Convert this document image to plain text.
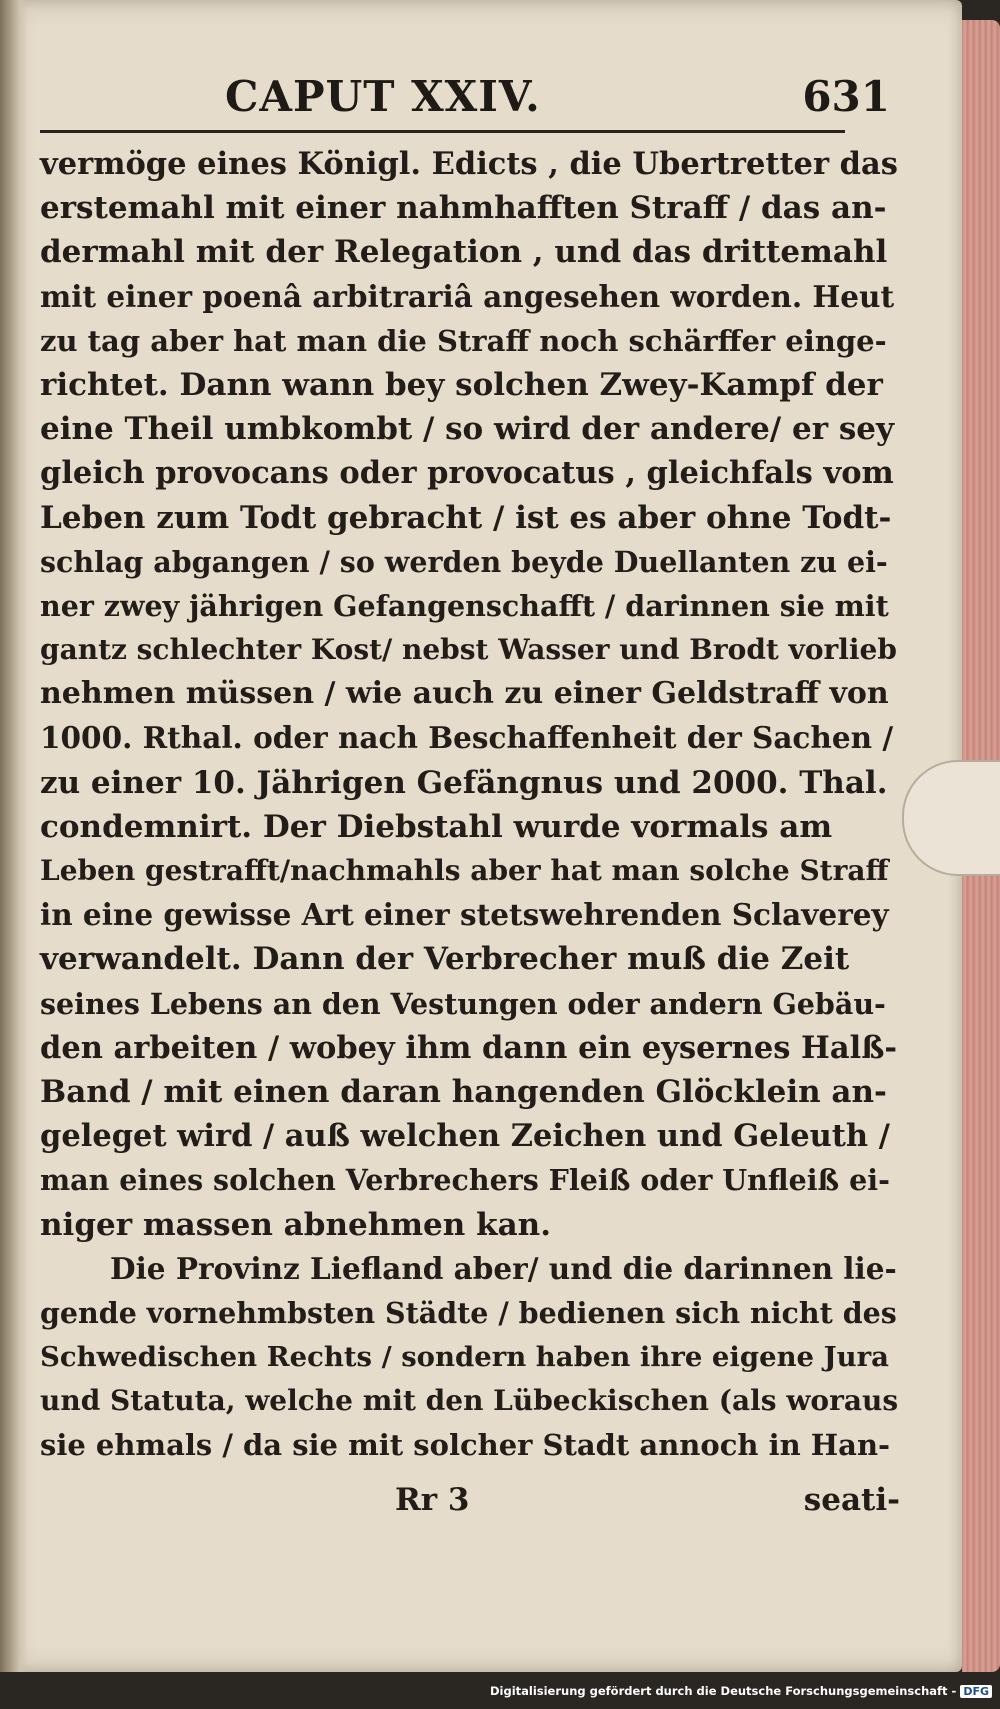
CAPUT XXIV.	631
vermöge eines Königl. Edicts , die Ubertretter das
erstemahl mit einer nahmhafften Straff / das an-
dermahl mit der Relegation , und das drittemahl
mit einer poenâ arbitrariâ angesehen worden. Heut
zu tag aber hat man die Straff noch schärffer einge-
richtet. Dann wann bey solchen Zwey-Kampf der
eine Theil umbkombt / so wird der andere/ er sey
gleich provocans oder provocatus , gleichfals vom
Leben zum Todt gebracht / ist es aber ohne Todt-
schlag abgangen / so werden beyde Duellanten zu ei-
ner zwey jährigen Gefangenschafft / darinnen sie mit
gantz schlechter Kost/ nebst Wasser und Brodt vorlieb
nehmen müssen / wie auch zu einer Geldstraff von
1000. Rthal. oder nach Beschaffenheit der Sachen /
zu einer 10. Jährigen Gefängnus und 2000. Thal.
condemnirt. Der Diebstahl wurde vormals am
Leben gestrafft/nachmahls aber hat man solche Straff
in eine gewisse Art einer stetswehrenden Sclaverey
verwandelt. Dann der Verbrecher muß die Zeit
seines Lebens an den Vestungen oder andern Gebäu-
den arbeiten / wobey ihm dann ein eysernes Halß-
Band / mit einen daran hangenden Glöcklein an-
geleget wird / auß welchen Zeichen und Geleuth /
man eines solchen Verbrechers Fleiß oder Unfleiß ei-
niger massen abnehmen kan.
Die Provinz Liefland aber/ und die darinnen lie-
gende vornehmbsten Städte / bedienen sich nicht des
Schwedischen Rechts / sondern haben ihre eigene Jura
und Statuta, welche mit den Lübeckischen (als woraus
sie ehmals / da sie mit solcher Stadt annoch in Han-
Rr 3	seati-
Digitalisierung gefördert durch die Deutsche Forschungsgemeinschaft - DFG
